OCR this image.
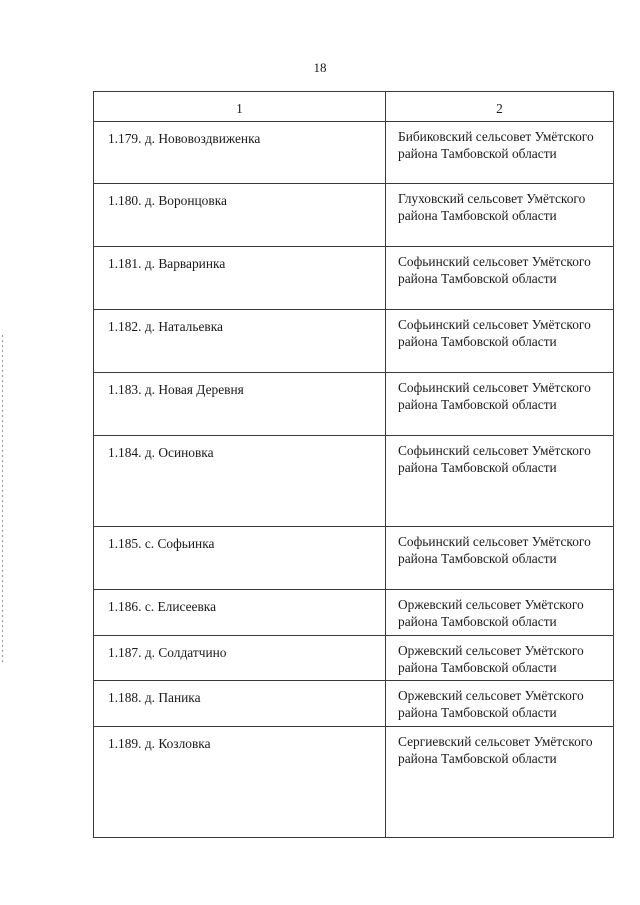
18
1	2
1.179. д. Нововоздвиженка	Бибиковский сельсовет Умётского района Тамбовской области
1.180. д. Воронцовка	Глуховский сельсовет Умётского района Тамбовской области
1.181. д. Варваринка	Софьинский сельсовет Умётского района Тамбовской области
1.182. д. Натальевка	Софьинский сельсовет Умётского района Тамбовской области
1.183. д. Новая Деревня	Софьинский сельсовет Умётского района Тамбовской области
1.184. д. Осиновка	Софьинский сельсовет Умётского района Тамбовской области
1.185. с. Софьинка	Софьинский сельсовет Умётского района Тамбовской области
1.186. с. Елисеевка	Оржевский сельсовет Умётского района Тамбовской области
1.187. д. Солдатчино	Оржевский сельсовет Умётского района Тамбовской области
1.188. д. Паника	Оржевский сельсовет Умётского района Тамбовской области
1.189. д. Козловка	Сергиевский сельсовет Умётского района Тамбовской области
